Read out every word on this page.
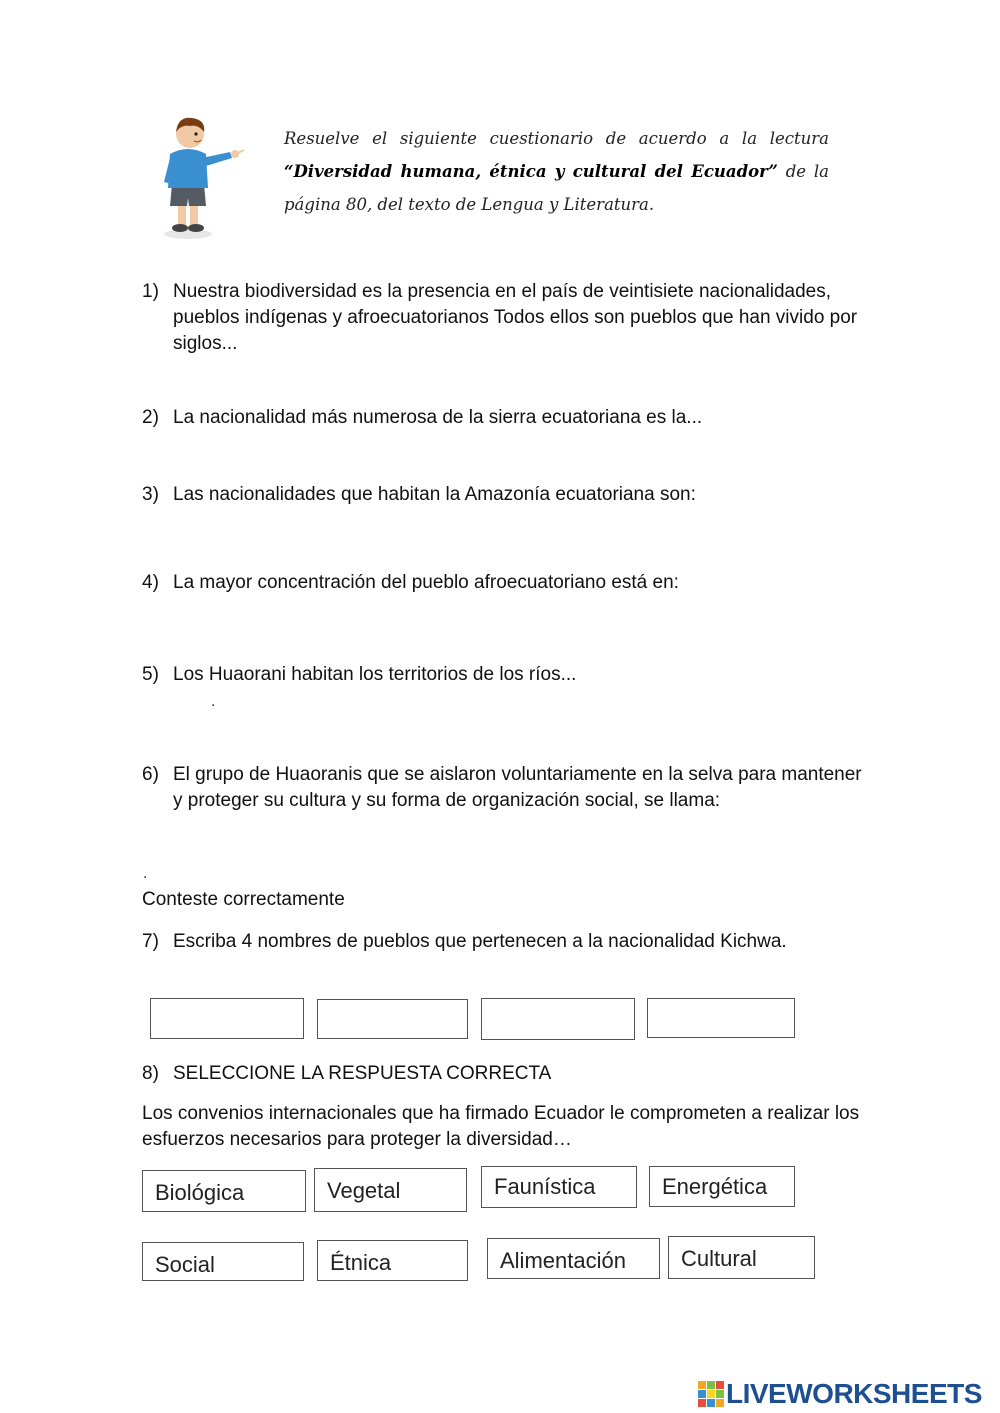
Resuelve el siguiente cuestionario de acuerdo a la lectura “Diversidad humana, étnica y cultural del Ecuador” de la página 80, del texto de Lengua y Literatura.
1) Nuestra biodiversidad es la presencia en el país de veintisiete nacionalidades, pueblos indígenas y afroecuatorianos Todos ellos son pueblos que han vivido por siglos...
2) La nacionalidad más numerosa de la sierra ecuatoriana es la...
3) Las nacionalidades que habitan la Amazonía ecuatoriana son:
4) La mayor concentración del pueblo afroecuatoriano está en:
5) Los Huaorani habitan los territorios de los ríos...
.
6) El grupo de Huaoranis que se aislaron voluntariamente en la selva para mantener y proteger su cultura y su forma de organización social, se llama:
.
Conteste correctamente
7) Escriba 4 nombres de pueblos que pertenecen a la nacionalidad Kichwa.
8) SELECCIONE LA RESPUESTA CORRECTA
Los convenios internacionales que ha firmado Ecuador le comprometen a realizar los esfuerzos necesarios para proteger la diversidad…
Biológica	Vegetal	Faunística	Energética
Social	Étnica	Alimentación	Cultural
LIVEWORKSHEETS
